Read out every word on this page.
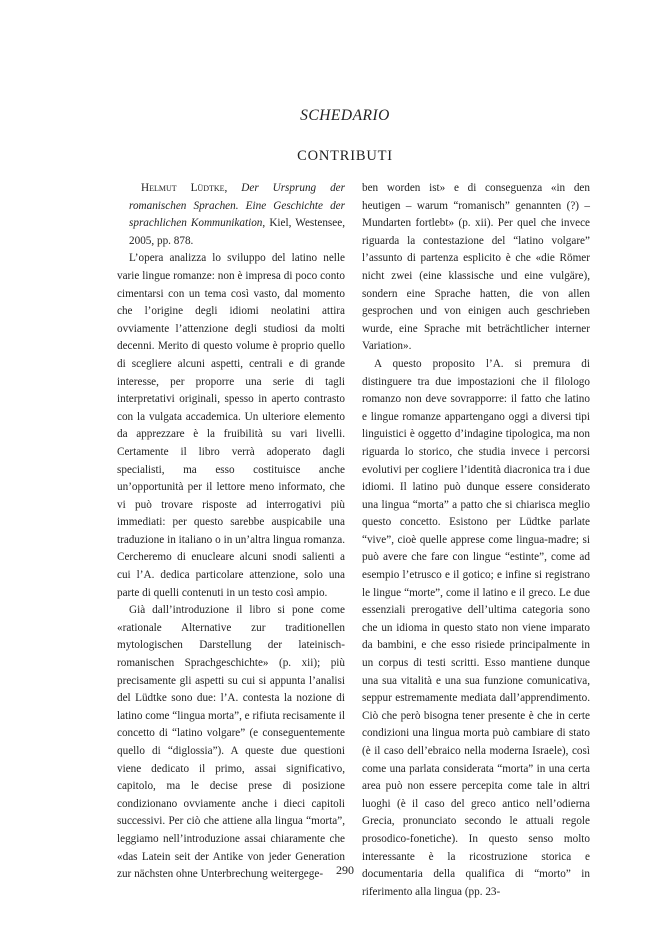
SCHEDARIO
CONTRIBUTI

Helmut Lüdtke, Der Ursprung der romanischen Sprachen. Eine Geschichte der sprachlichen Kommunikation, Kiel, Westensee, 2005, pp. 878.

L’opera analizza lo sviluppo del latino nelle varie lingue romanze: non è impresa di poco conto cimentarsi con un tema così vasto, dal momento che l’origine degli idiomi neolatini attira ovviamente l’attenzione degli studiosi da molti decenni. Merito di questo volume è proprio quello di scegliere alcuni aspetti, centrali e di grande interesse, per proporre una serie di tagli interpretativi originali, spesso in aperto contrasto con la vulgata accademica. Un ulteriore elemento da apprezzare è la fruibilità su vari livelli. Certamente il libro verrà adoperato dagli specialisti, ma esso costituisce anche un’opportunità per il lettore meno informato, che vi può trovare risposte ad interrogativi più immediati: per questo sarebbe auspicabile una traduzione in italiano o in un’altra lingua romanza. Cercheremo di enucleare alcuni snodi salienti a cui l’A. dedica particolare attenzione, solo una parte di quelli contenuti in un testo così ampio.

Già dall’introduzione il libro si pone come «rationale Alternative zur traditionellen mytologischen Darstellung der lateinisch-romanischen Sprachgeschichte» (p. xii); più precisamente gli aspetti su cui si appunta l’analisi del Lüdtke sono due: l’A. contesta la nozione di latino come “lingua morta”, e rifiuta recisamente il concetto di “latino volgare” (e conseguentemente quello di “diglossia”). A queste due questioni viene dedicato il primo, assai significativo, capitolo, ma le decise prese di posizione condizionano ovviamente anche i dieci capitoli successivi. Per ciò che attiene alla lingua “morta”, leggiamo nell’introduzione assai chiaramente che «das Latein seit der Antike von jeder Generation zur nächsten ohne Unterbrechung weitergege-

ben worden ist» e di conseguenza «in den heutigen – warum “romanisch” genannten (?) – Mundarten fortlebt» (p. xii). Per quel che invece riguarda la contestazione del “latino volgare” l’assunto di partenza esplicito è che «die Römer nicht zwei (eine klassische und eine vulgäre), sondern eine Sprache hatten, die von allen gesprochen und von einigen auch geschrieben wurde, eine Sprache mit beträchtlicher interner Variation».

A questo proposito l’A. si premura di distinguere tra due impostazioni che il filologo romanzo non deve sovrapporre: il fatto che latino e lingue romanze appartengano oggi a diversi tipi linguistici è oggetto d’indagine tipologica, ma non riguarda lo storico, che studia invece i percorsi evolutivi per cogliere l’identità diacronica tra i due idiomi. Il latino può dunque essere considerato una lingua “morta” a patto che si chiarisca meglio questo concetto. Esistono per Lüdtke parlate “vive”, cioè quelle apprese come lingua-madre; si può avere che fare con lingue “estinte”, come ad esempio l’etrusco e il gotico; e infine si registrano le lingue “morte”, come il latino e il greco. Le due essenziali prerogative dell’ultima categoria sono che un idioma in questo stato non viene imparato da bambini, e che esso risiede principalmente in un corpus di testi scritti. Esso mantiene dunque una sua vitalità e una sua funzione comunicativa, seppur estremamente mediata dall’apprendimento. Ciò che però bisogna tener presente è che in certe condizioni una lingua morta può cambiare di stato (è il caso dell’ebraico nella moderna Israele), così come una parlata considerata “morta” in una certa area può non essere percepita come tale in altri luoghi (è il caso del greco antico nell’odierna Grecia, pronunciato secondo le attuali regole prosodico-fonetiche). In questo senso molto interessante è la ricostruzione storica e documentaria della qualifica di “morto” in riferimento alla lingua (pp. 23-

290
